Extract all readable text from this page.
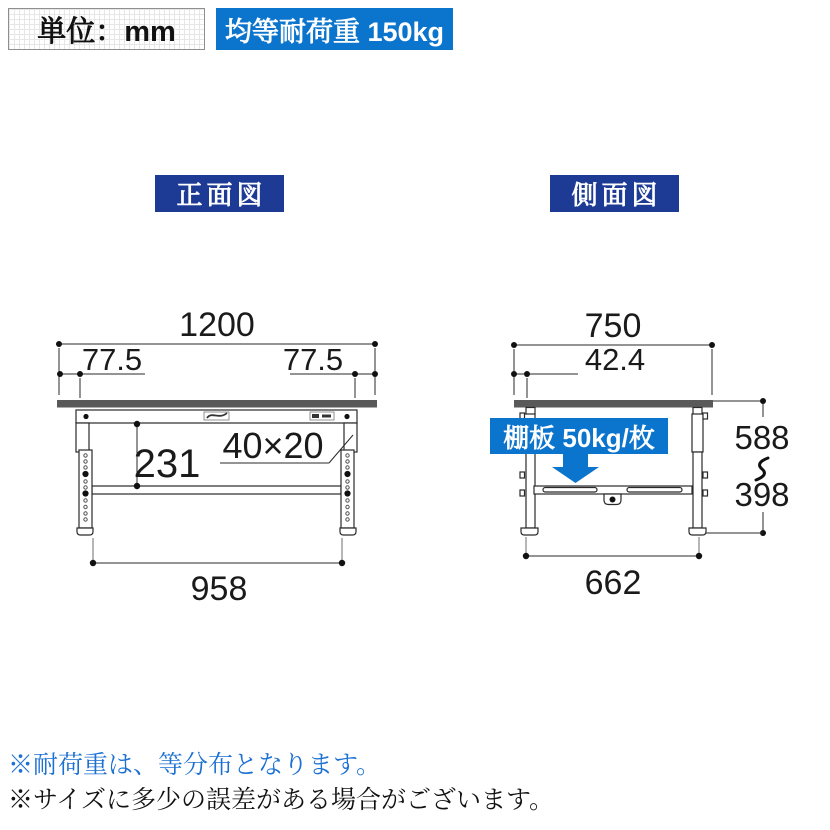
単位：mm	均等耐荷重 150kg
正面図	側面図
1200
77.5	77.5
231 40×20
958
750
42.4
662
588
398
棚板 50kg/枚
※耐荷重は、等分布となります。
※サイズに多少の誤差がある場合がございます。
